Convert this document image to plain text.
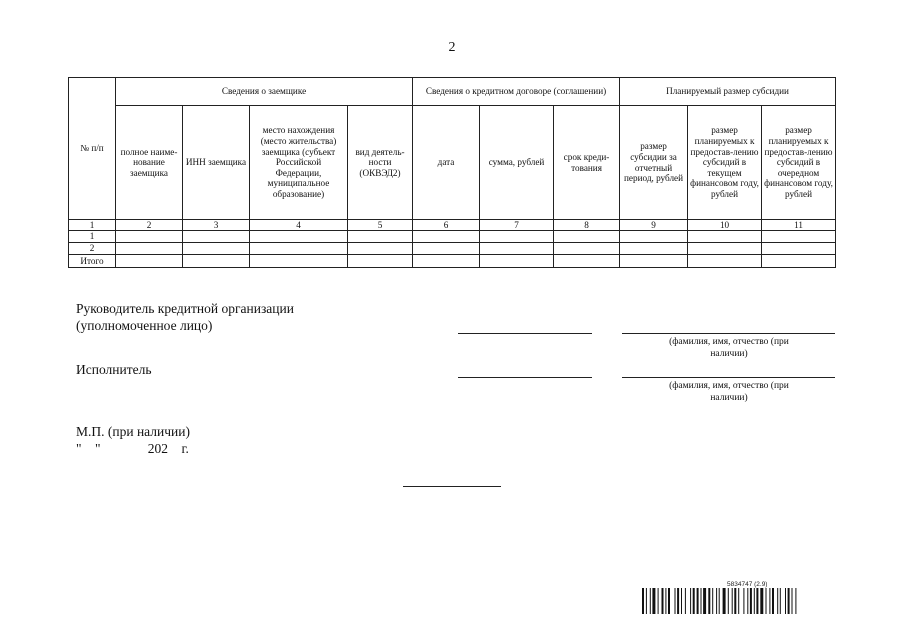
2
№ п/п	Сведения о заемщике				Сведения о кредитном договоре (соглашении)			Планируемый размер субсидии		
	полное наиме-нование заемщика	ИНН заемщика	место нахождения (место жительства) заемщика (субъект Российской Федерации, муниципальное образование)	вид деятель-ности (ОКВЭД2)	дата	сумма, рублей	срок креди-тования	размер субсидии за отчетный период, рублей	размер планируемых к предостав-лению субсидий в текущем финансовом году, рублей	размер планируемых к предостав-лению субсидий в очередном финансовом году, рублей
1	2	3	4	5	6	7	8	9	10	11
1										
2										
Итого										
Руководитель кредитной организации (уполномоченное лицо)
(фамилия, имя, отчество (при наличии)
Исполнитель
(фамилия, имя, отчество (при наличии)
М.П. (при наличии)
"    "              202    г.
5834747 (2.9)
